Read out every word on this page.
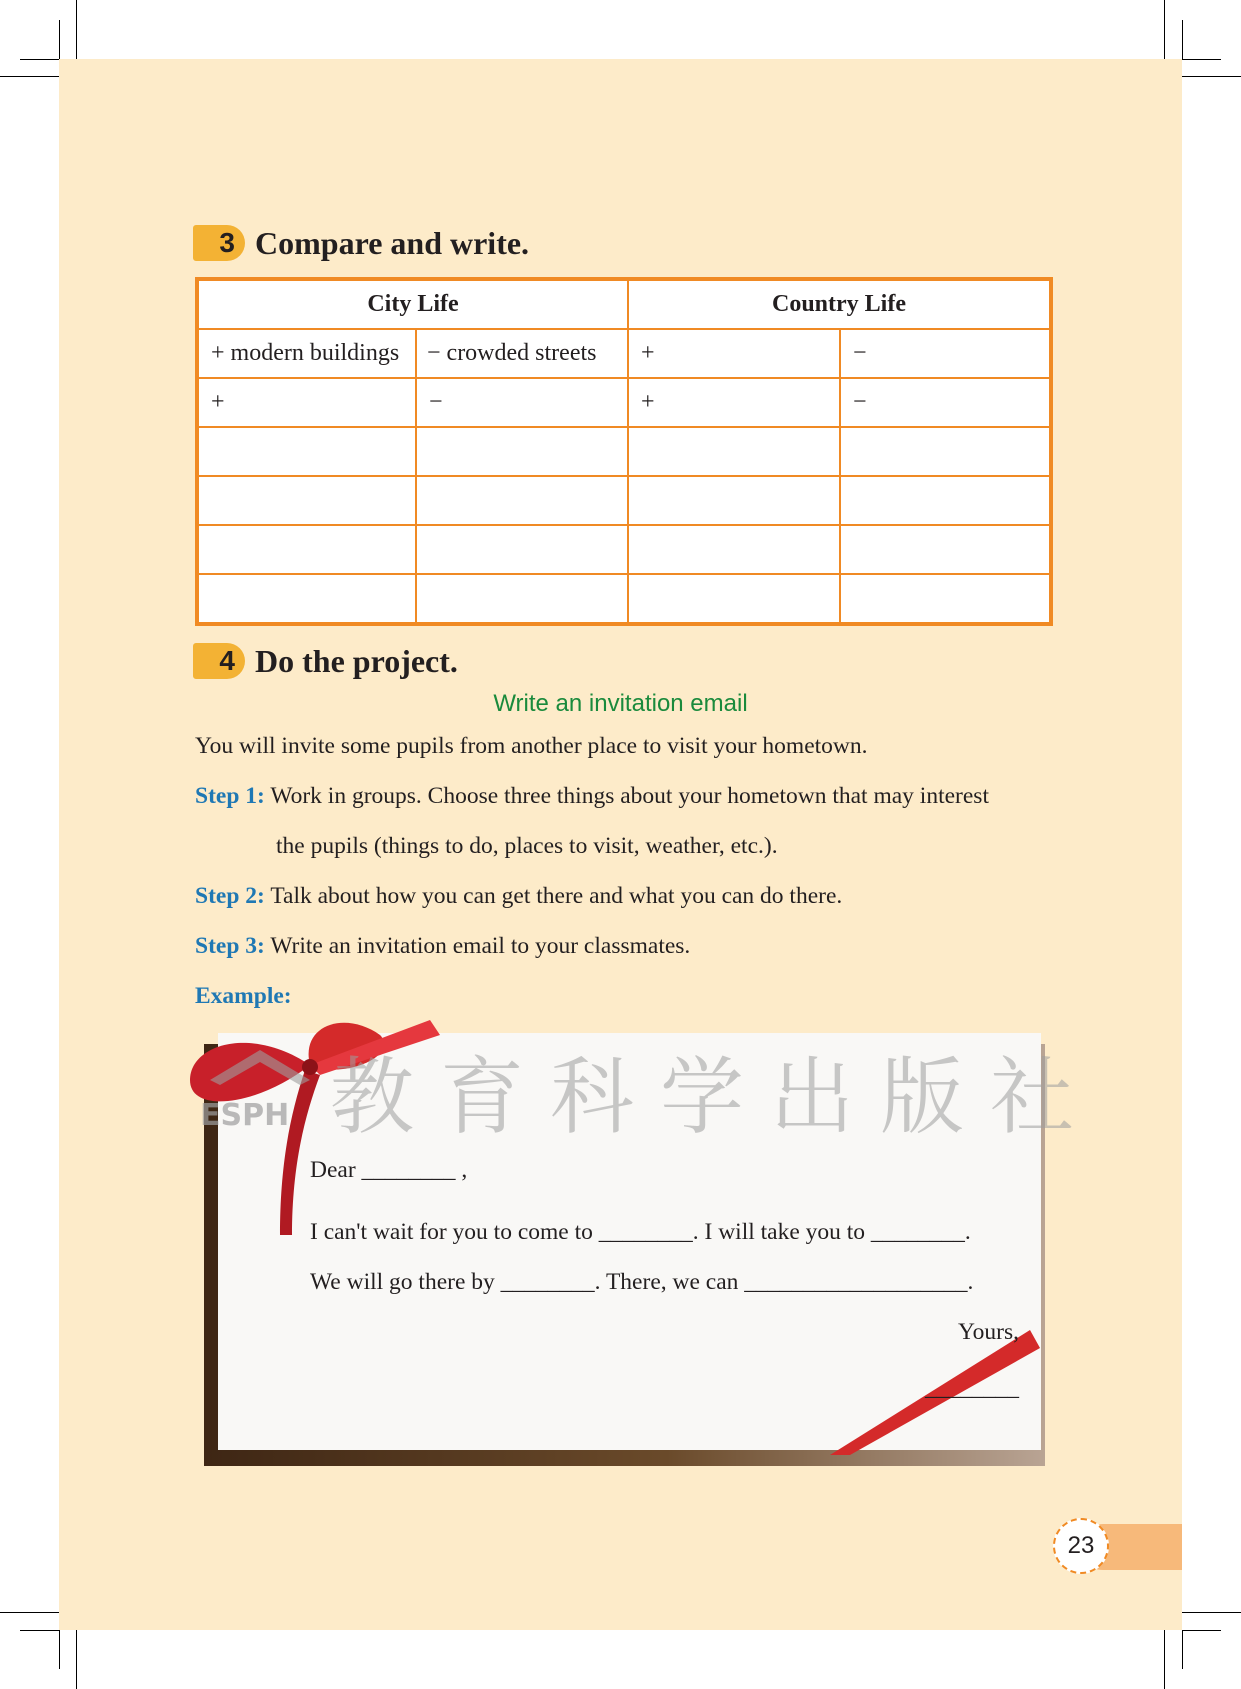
3 Compare and write.
City Life		Country Life	
+ modern buildings	− crowded streets	+	−
+	−	+	−

4 Do the project.
Write an invitation email
You will invite some pupils from another place to visit your hometown.
Step 1: Work in groups. Choose three things about your hometown that may interest
the pupils (things to do, places to visit, weather, etc.).
Step 2: Talk about how you can get there and what you can do there.
Step 3: Write an invitation email to your classmates.
Example:
ESPH 教育科学出版社
Dear ________ ,
I can't wait for you to come to ________. I will take you to ________.
We will go there by ________. There, we can ___________________.
Yours,
________
23
